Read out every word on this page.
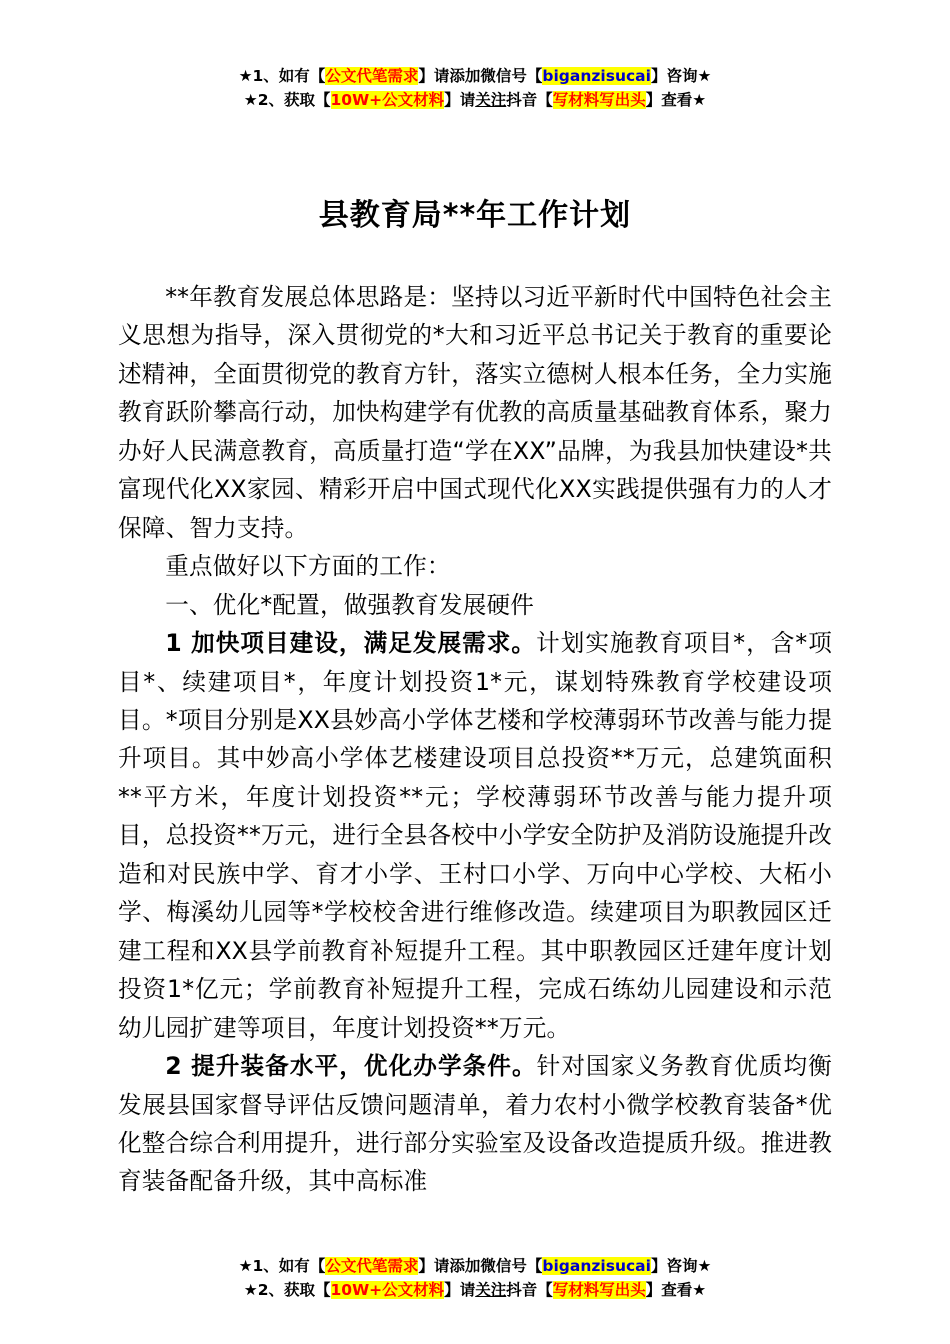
★1、如有【公文代笔需求】请添加微信号【biganzisucai】咨询★
★2、获取【10W+公文材料】请关注抖音【写材料写出头】查看★
县教育局**年工作计划

**年教育发展总体思路是：坚持以习近平新时代中国特色社会主义思想为指导，深入贯彻党的*大和习近平总书记关于教育的重要论述精神，全面贯彻党的教育方针，落实立德树人根本任务，全力实施教育跃阶攀高行动，加快构建学有优教的高质量基础教育体系，聚力办好人民满意教育，高质量打造“学在XX”品牌，为我县加快建设*共富现代化XX家园、精彩开启中国式现代化XX实践提供强有力的人才保障、智力支持。

重点做好以下方面的工作：

一、优化*配置，做强教育发展硬件

1 加快项目建设，满足发展需求。计划实施教育项目*，含*项目*、续建项目*，年度计划投资1*元，谋划特殊教育学校建设项目。*项目分别是XX县妙高小学体艺楼和学校薄弱环节改善与能力提升项目。其中妙高小学体艺楼建设项目总投资**万元，总建筑面积**平方米，年度计划投资**元；学校薄弱环节改善与能力提升项目，总投资**万元，进行全县各校中小学安全防护及消防设施提升改造和对民族中学、育才小学、王村口小学、万向中心学校、大柘小学、梅溪幼儿园等*学校校舍进行维修改造。续建项目为职教园区迁建工程和XX县学前教育补短提升工程。其中职教园区迁建年度计划投资1*亿元；学前教育补短提升工程，完成石练幼儿园建设和示范幼儿园扩建等项目，年度计划投资**万元。

2 提升装备水平，优化办学条件。针对国家义务教育优质均衡发展县国家督导评估反馈问题清单，着力农村小微学校教育装备*优化整合综合利用提升，进行部分实验室及设备改造提质升级。推进教育装备配备升级，其中高标准

★1、如有【公文代笔需求】请添加微信号【biganzisucai】咨询★
★2、获取【10W+公文材料】请关注抖音【写材料写出头】查看★
